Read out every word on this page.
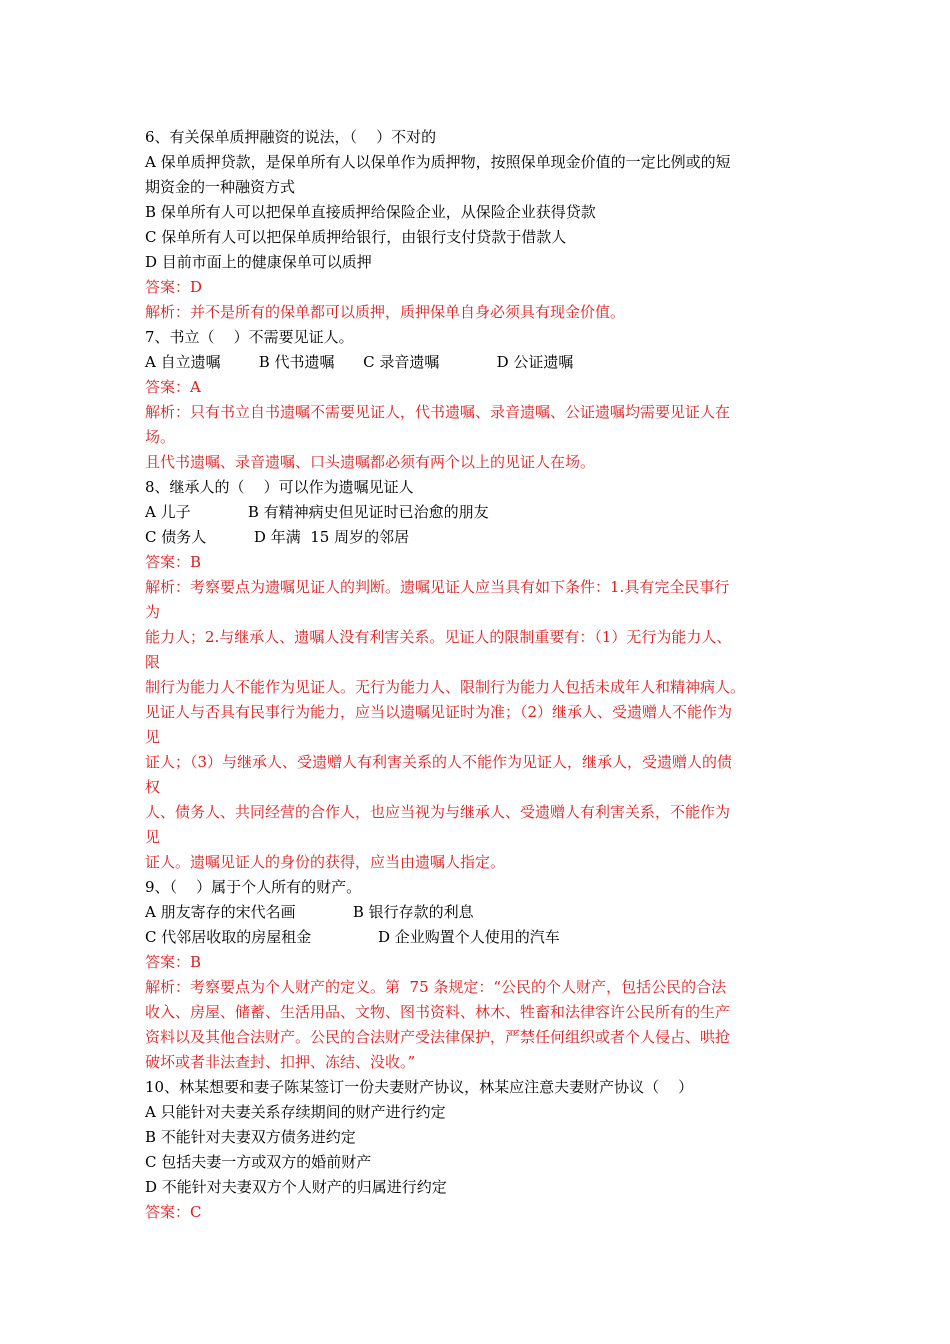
6、有关保单质押融资的说法，（    ）不对的
A 保单质押贷款，是保单所有人以保单作为质押物，按照保单现金价值的一定比例或的短
期资金的一种融资方式
B 保单所有人可以把保单直接质押给保险企业，从保险企业获得贷款
C 保单所有人可以把保单质押给银行，由银行支付贷款于借款人
D 目前市面上的健康保单可以质押
答案：D
解析：并不是所有的保单都可以质押，质押保单自身必须具有现金价值。
7、书立（    ）不需要见证人。
A 自立遗嘱        B 代书遗嘱      C 录音遗嘱            D 公证遗嘱
答案：A
解析：只有书立自书遗嘱不需要见证人，代书遗嘱、录音遗嘱、公证遗嘱均需要见证人在
场。
且代书遗嘱、录音遗嘱、口头遗嘱都必须有两个以上的见证人在场。
8、继承人的（    ）可以作为遗嘱见证人
A 儿子            B 有精神病史但见证时已治愈的朋友
C 债务人          D 年满  15 周岁的邻居
答案：B
解析：考察要点为遗嘱见证人的判断。遗嘱见证人应当具有如下条件：1.具有完全民事行
为
能力人；2.与继承人、遗嘱人没有利害关系。见证人的限制重要有：（1）无行为能力人、
限
制行为能力人不能作为见证人。无行为能力人、限制行为能力人包括未成年人和精神病人。
见证人与否具有民事行为能力，应当以遗嘱见证时为准；（2）继承人、受遗赠人不能作为
见
证人；（3）与继承人、受遗赠人有利害关系的人不能作为见证人，继承人，受遗赠人的债
权
人、债务人、共同经营的合作人，也应当视为与继承人、受遗赠人有利害关系，不能作为
见
证人。遗嘱见证人的身份的获得，应当由遗嘱人指定。
9、（    ）属于个人所有的财产。
A 朋友寄存的宋代名画            B 银行存款的利息
C 代邻居收取的房屋租金              D 企业购置个人使用的汽车
答案：B
解析：考察要点为个人财产的定义。第  75 条规定：“公民的个人财产，包括公民的合法
收入、房屋、储蓄、生活用品、文物、图书资料、林木、牲畜和法律容许公民所有的生产
资料以及其他合法财产。公民的合法财产受法律保护，严禁任何组织或者个人侵占、哄抢
破坏或者非法查封、扣押、冻结、没收。”
10、林某想要和妻子陈某签订一份夫妻财产协议，林某应注意夫妻财产协议（    ）
A 只能针对夫妻关系存续期间的财产进行约定
B 不能针对夫妻双方债务进约定
C 包括夫妻一方或双方的婚前财产
D 不能针对夫妻双方个人财产的归属进行约定
答案：C
